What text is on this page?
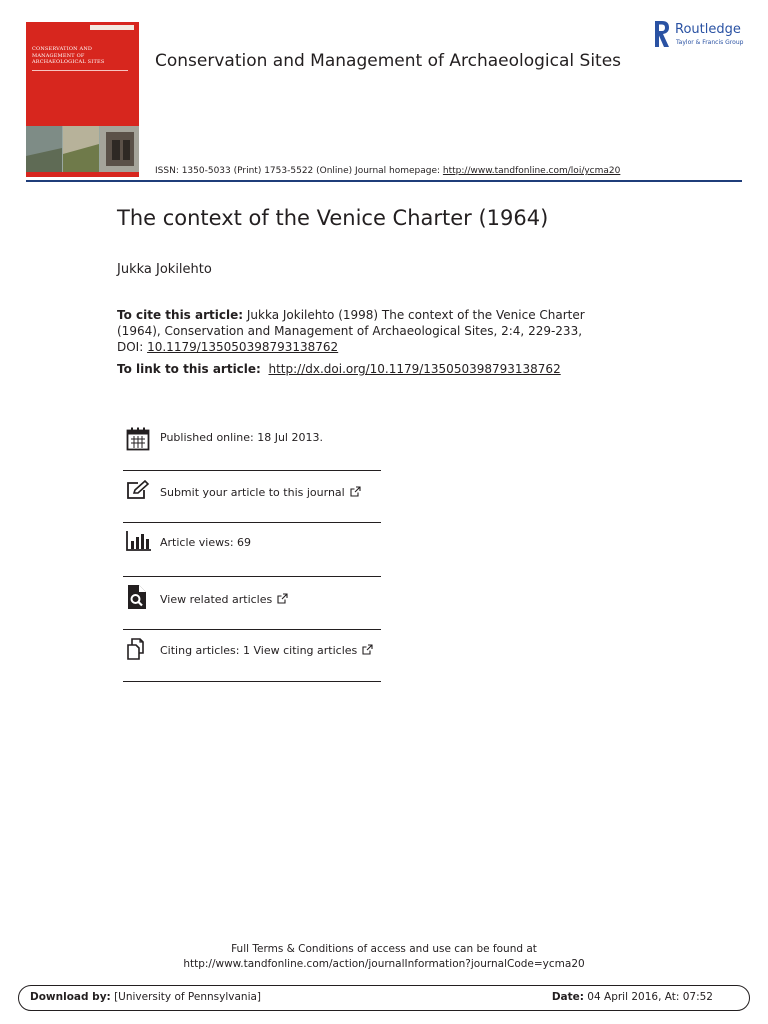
CONSERVATION AND MANAGEMENT OF ARCHAEOLOGICAL SITES	Conservation and Management of Archaeological Sites
Routledge
Taylor & Francis Group
ISSN: 1350-5033 (Print) 1753-5522 (Online) Journal homepage: http://www.tandfonline.com/loi/ycma20
The context of the Venice Charter (1964)
Jukka Jokilehto
To cite this article: Jukka Jokilehto (1998) The context of the Venice Charter (1964), Conservation and Management of Archaeological Sites, 2:4, 229-233, DOI: 10.1179/135050398793138762
To link to this article: http://dx.doi.org/10.1179/135050398793138762
Published online: 18 Jul 2013.
Submit your article to this journal
Article views: 69
View related articles
Citing articles: 1 View citing articles
Full Terms & Conditions of access and use can be found at
http://www.tandfonline.com/action/journalInformation?journalCode=ycma20
Download by: [University of Pennsylvania]	Date: 04 April 2016, At: 07:52
